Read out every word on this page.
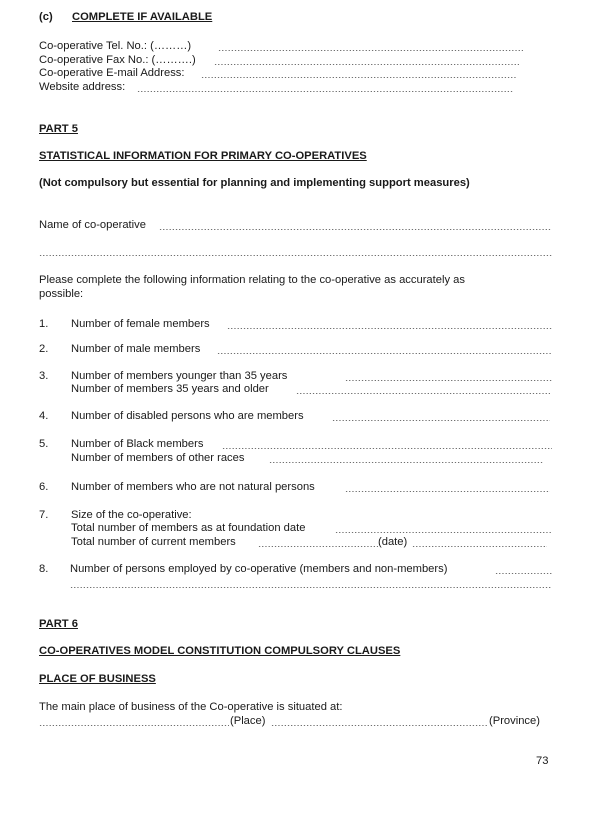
(c) COMPLETE IF AVAILABLE
Co-operative Tel. No.: (………)
Co-operative Fax No.: (……….)
Co-operative E-mail Address:
Website address:
PART 5
STATISTICAL INFORMATION FOR PRIMARY CO-OPERATIVES
(Not compulsory but essential for planning and implementing support measures)
Name of co-operative
Please complete the following information relating to the co-operative as accurately as
possible:
1. Number of female members
2. Number of male members
3. Number of members younger than 35 years
Number of members 35 years and older
4. Number of disabled persons who are members
5. Number of Black members
Number of members of other races
6. Number of members who are not natural persons
7. Size of the co-operative:
Total number of members as at foundation date
Total number of current members	(date)
8. Number of persons employed by co-operative (members and non-members)
PART 6
CO-OPERATIVES MODEL CONSTITUTION COMPULSORY CLAUSES
PLACE OF BUSINESS
The main place of business of the Co-operative is situated at:
(Place)	(Province)
73
